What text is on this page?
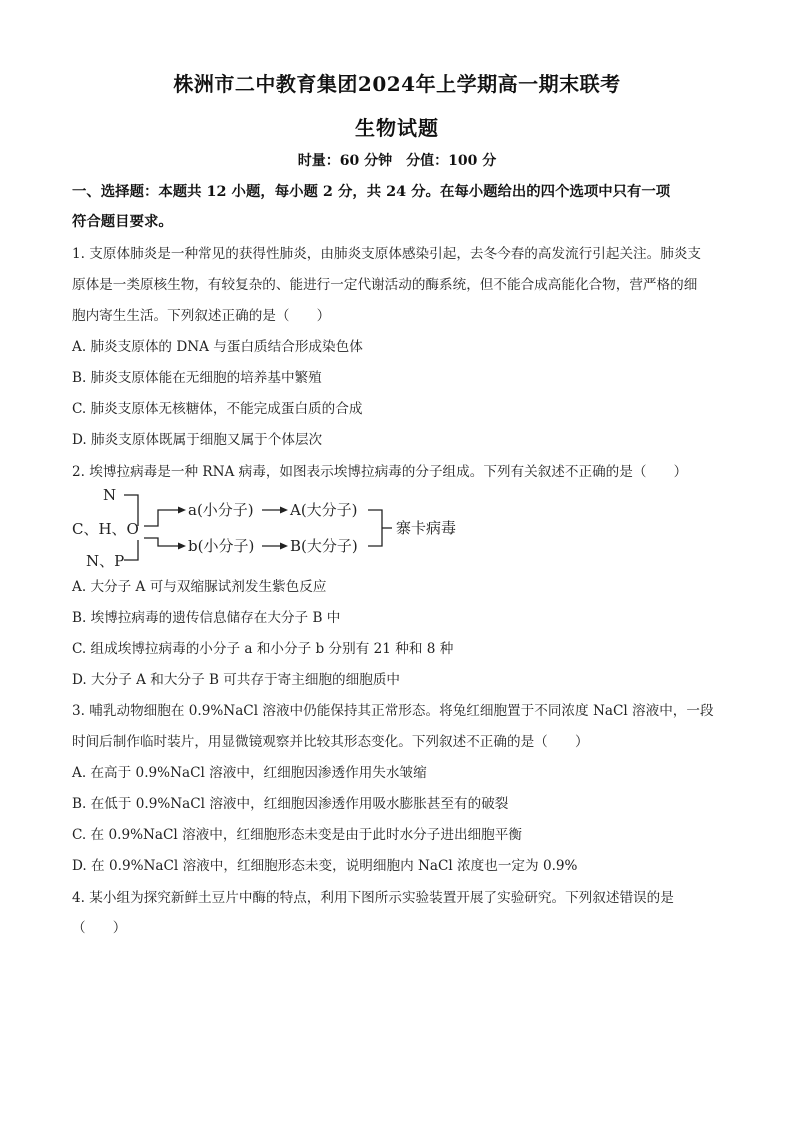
株洲市二中教育集团2024年上学期高一期末联考
生物试题
时量：60 分钟　分值：100 分
一、选择题：本题共 12 小题，每小题 2 分，共 24 分。在每小题给出的四个选项中只有一项
符合题目要求。
1. 支原体肺炎是一种常见的获得性肺炎，由肺炎支原体感染引起，去冬今春的高发流行引起关注。肺炎支
原体是一类原核生物，有较复杂的、能进行一定代谢活动的酶系统，但不能合成高能化合物，营严格的细
胞内寄生生活。下列叙述正确的是（　　）
A. 肺炎支原体的 DNA 与蛋白质结合形成染色体
B. 肺炎支原体能在无细胞的培养基中繁殖
C. 肺炎支原体无核糖体，不能完成蛋白质的合成
D. 肺炎支原体既属于细胞又属于个体层次
2. 埃博拉病毒是一种 RNA 病毒，如图表示埃博拉病毒的分子组成。下列有关叙述不正确的是（　　）
N
C、H、O
N、P
a(小分子) A(大分子)
b(小分子) B(大分子)
寨卡病毒
A. 大分子 A 可与双缩脲试剂发生紫色反应
B. 埃博拉病毒的遗传信息储存在大分子 B 中
C. 组成埃博拉病毒的小分子 a 和小分子 b 分别有 21 种和 8 种
D. 大分子 A 和大分子 B 可共存于寄主细胞的细胞质中
3. 哺乳动物细胞在 0.9%NaCl 溶液中仍能保持其正常形态。将兔红细胞置于不同浓度 NaCl 溶液中，一段
时间后制作临时装片，用显微镜观察并比较其形态变化。下列叙述不正确的是（　　）
A. 在高于 0.9%NaCl 溶液中，红细胞因渗透作用失水皱缩
B. 在低于 0.9%NaCl 溶液中，红细胞因渗透作用吸水膨胀甚至有的破裂
C. 在 0.9%NaCl 溶液中，红细胞形态未变是由于此时水分子进出细胞平衡
D. 在 0.9%NaCl 溶液中，红细胞形态未变，说明细胞内 NaCl 浓度也一定为 0.9%
4. 某小组为探究新鲜土豆片中酶的特点，利用下图所示实验装置开展了实验研究。下列叙述错误的是
（　　）
